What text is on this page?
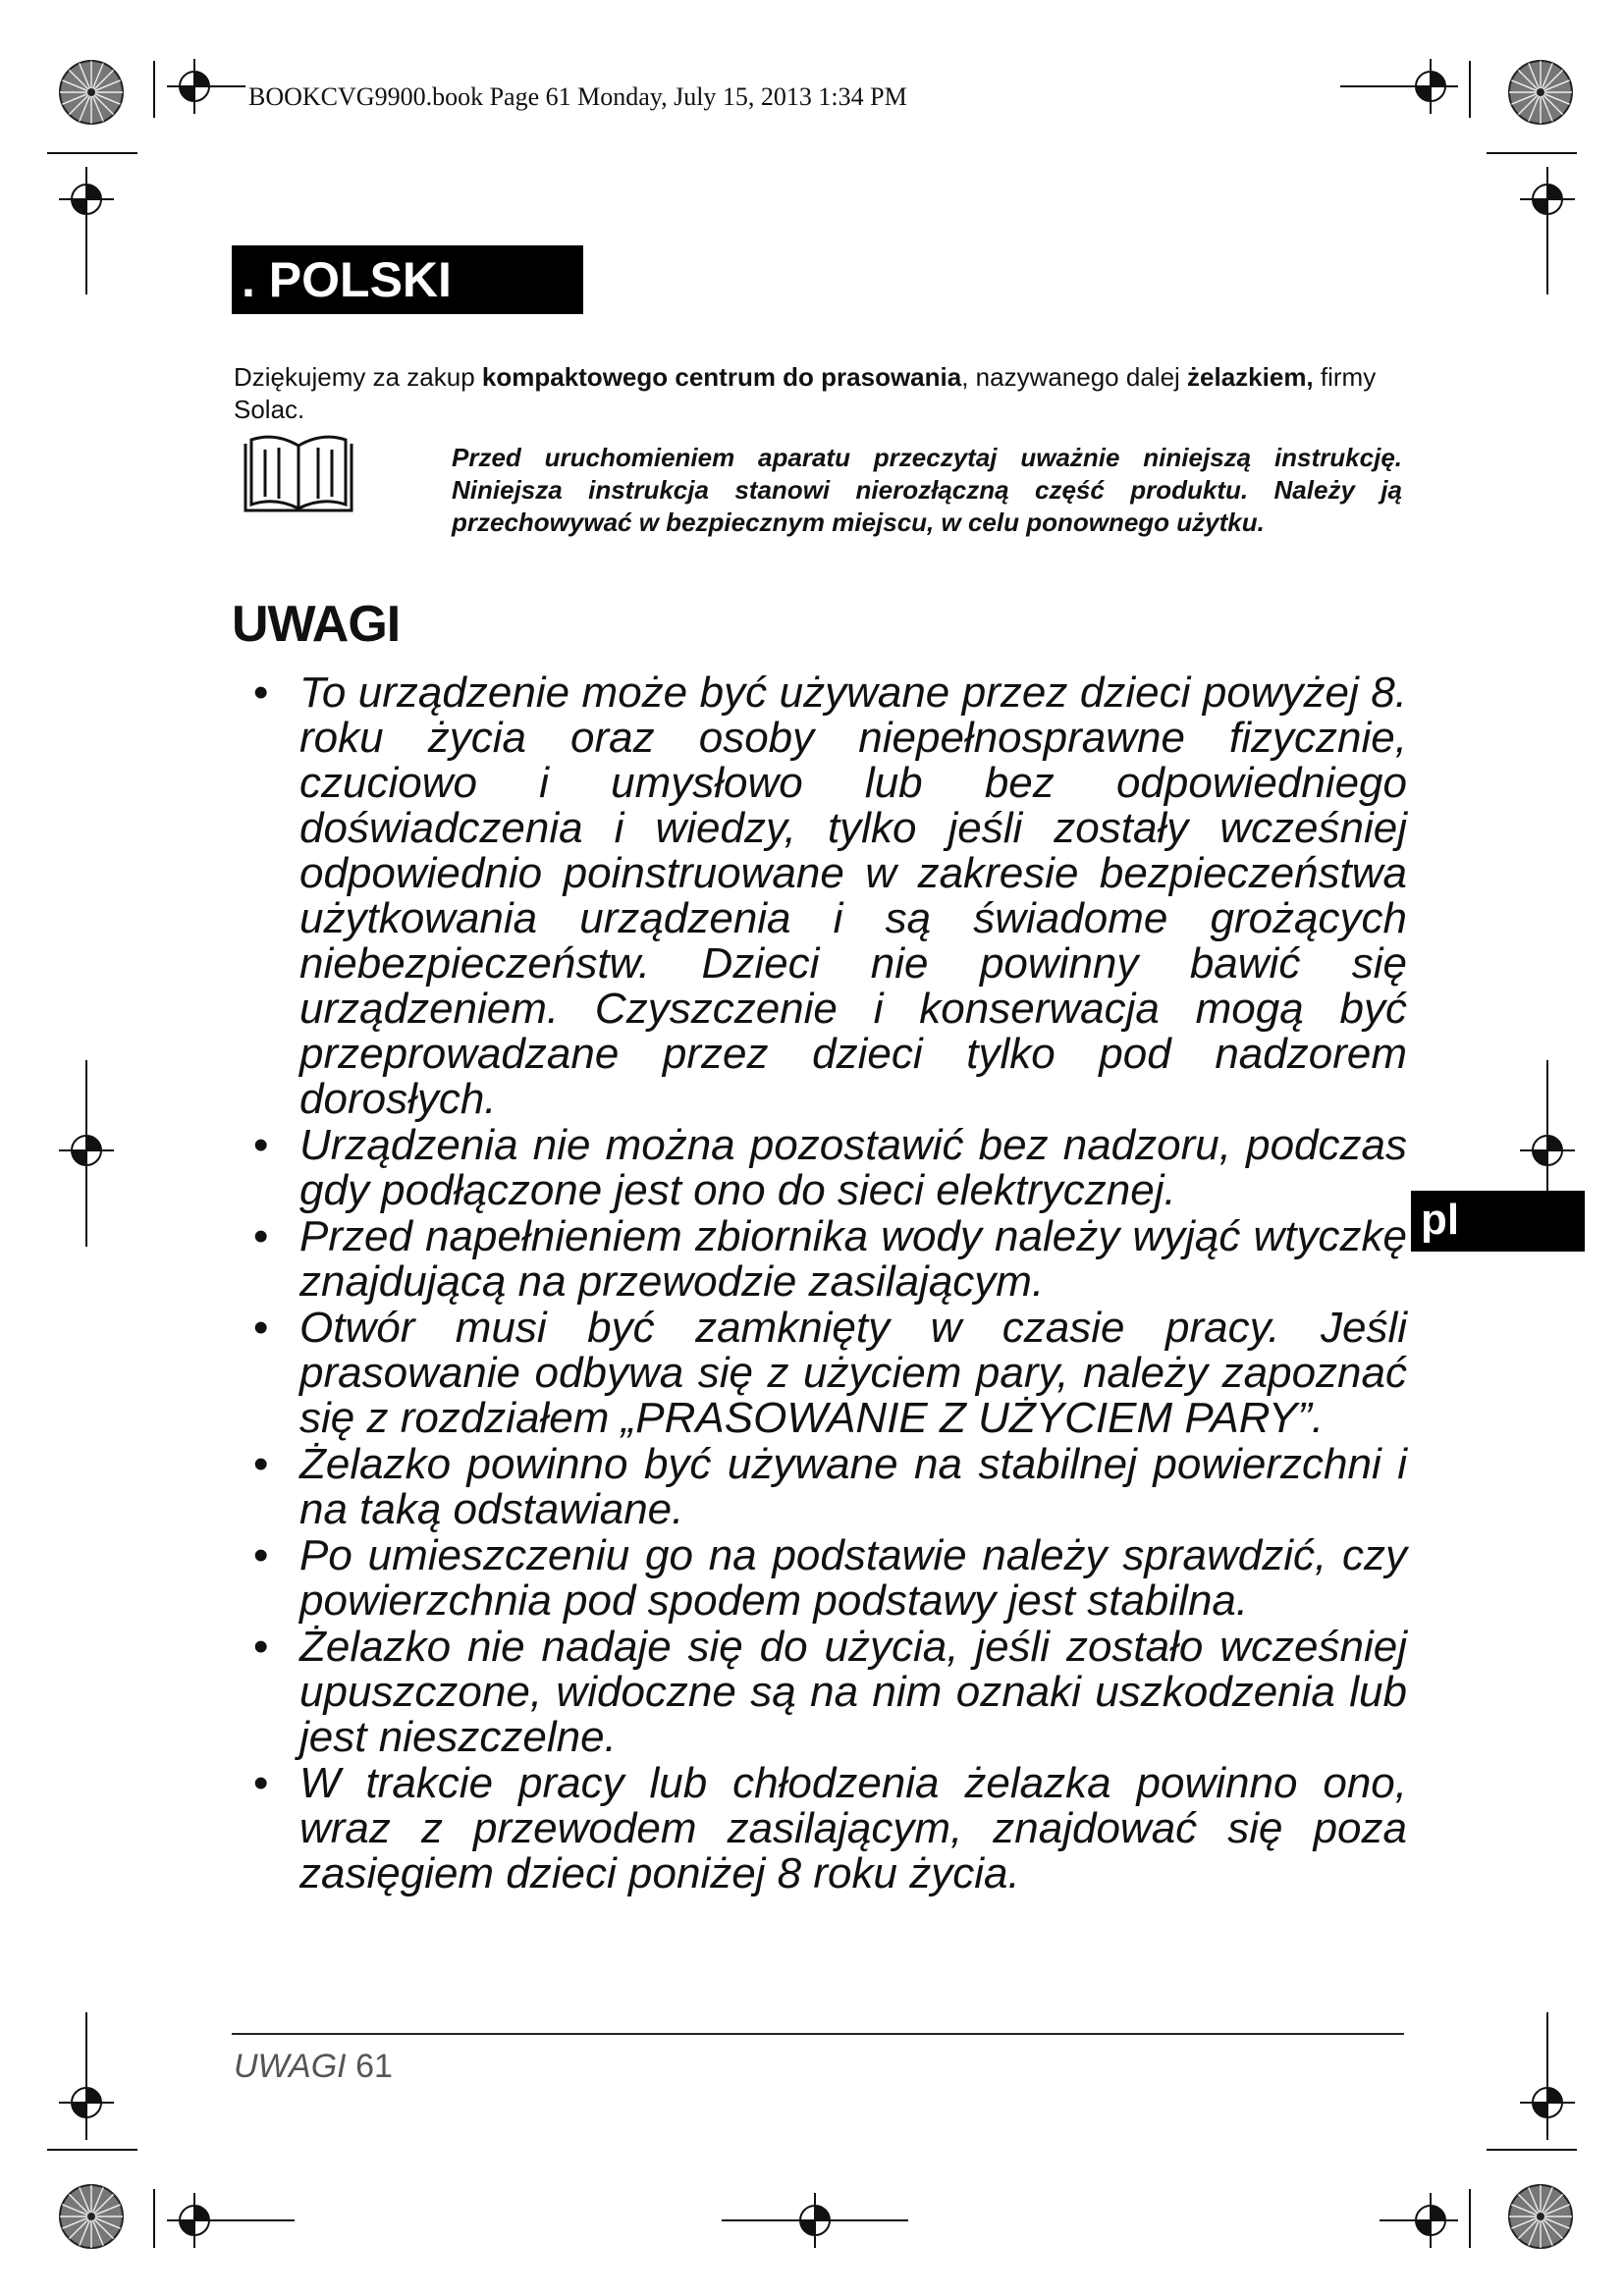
BOOKCVG9900.book Page 61 Monday, July 15, 2013 1:34 PM
. POLSKI

Dziękujemy za zakup kompaktowego centrum do prasowania, nazywanego dalej żelazkiem, firmy Solac.

Przed uruchomieniem aparatu przeczytaj uważnie niniejszą instrukcję. Niniejsza instrukcja stanowi nierozłączną część produktu. Należy ją przechowywać w bezpiecznym miejscu, w celu ponownego użytku.

UWAGI
• To urządzenie może być używane przez dzieci powyżej 8. roku życia oraz osoby niepełnosprawne fizycznie, czuciowo i umysłowo lub bez odpowiedniego doświadczenia i wiedzy, tylko jeśli zostały wcześniej odpowiednio poinstruowane w zakresie bezpieczeństwa użytkowania urządzenia i są świadome grożących niebezpieczeństw. Dzieci nie powinny bawić się urządzeniem. Czyszczenie i konserwacja mogą być przeprowadzane przez dzieci tylko pod nadzorem dorosłych.
• Urządzenia nie można pozostawić bez nadzoru, podczas gdy podłączone jest ono do sieci elektrycznej.
• Przed napełnieniem zbiornika wody należy wyjąć wtyczkę znajdującą na przewodzie zasilającym.
• Otwór musi być zamknięty w czasie pracy. Jeśli prasowanie odbywa się z użyciem pary, należy zapoznać się z rozdziałem „PRASOWANIE Z UŻYCIEM PARY”.
• Żelazko powinno być używane na stabilnej powierzchni i na taką odstawiane.
• Po umieszczeniu go na podstawie należy sprawdzić, czy powierzchnia pod spodem podstawy jest stabilna.
• Żelazko nie nadaje się do użycia, jeśli zostało wcześniej upuszczone, widoczne są na nim oznaki uszkodzenia lub jest nieszczelne.
• W trakcie pracy lub chłodzenia żelazka powinno ono, wraz z przewodem zasilającym, znajdować się poza zasięgiem dzieci poniżej 8 roku życia.
UWAGI 61
pl
